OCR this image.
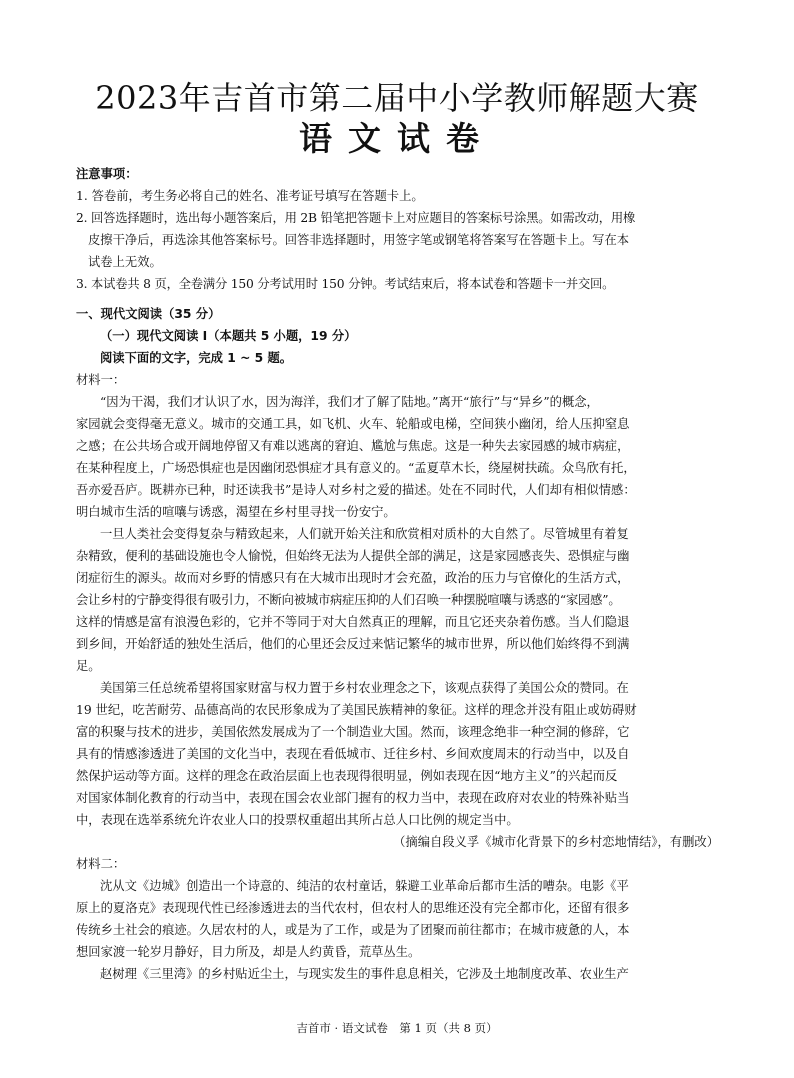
2023年吉首市第二届中小学教师解题大赛
语文试卷
注意事项：
1. 答卷前，考生务必将自己的姓名、准考证号填写在答题卡上。
2. 回答选择题时，选出每小题答案后，用 2B 铅笔把答题卡上对应题目的答案标号涂黑。如需改动，用橡
皮擦干净后，再选涂其他答案标号。回答非选择题时，用签字笔或钢笔将答案写在答题卡上。写在本
试卷上无效。
3. 本试卷共 8 页，全卷满分 150 分考试用时 150 分钟。考试结束后，将本试卷和答题卡一并交回。
一、现代文阅读（35 分）
（一）现代文阅读 I（本题共 5 小题，19 分）
阅读下面的文字，完成 1 ~ 5 题。
材料一：
“因为干渴，我们才认识了水，因为海洋，我们才了解了陆地。”离开“旅行”与“异乡”的概念，
家园就会变得毫无意义。城市的交通工具，如飞机、火车、轮船或电梯，空间狭小幽闭，给人压抑窒息
之感；在公共场合或开阔地停留又有难以逃离的窘迫、尴尬与焦虑。这是一种失去家园感的城市病症，
在某种程度上，广场恐惧症也是因幽闭恐惧症才具有意义的。“孟夏草木长，绕屋树扶疏。众鸟欣有托，
吾亦爱吾庐。既耕亦已种，时还读我书”是诗人对乡村之爱的描述。处在不同时代，人们却有相似情感：
明白城市生活的喧嚷与诱惑，渴望在乡村里寻找一份安宁。
一旦人类社会变得复杂与精致起来，人们就开始关注和欣赏相对质朴的大自然了。尽管城里有着复
杂精致，便利的基础设施也令人愉悦，但始终无法为人提供全部的满足，这是家园感丧失、恐惧症与幽
闭症衍生的源头。故而对乡野的情感只有在大城市出现时才会充盈，政治的压力与官僚化的生活方式，
会让乡村的宁静变得很有吸引力，不断向被城市病症压抑的人们召唤一种摆脱喧嚷与诱惑的“家园感”。
这样的情感是富有浪漫色彩的，它并不等同于对大自然真正的理解，而且它还夹杂着伤感。当人们隐退
到乡间，开始舒适的独处生活后，他们的心里还会反过来惦记繁华的城市世界，所以他们始终得不到满
足。
美国第三任总统希望将国家财富与权力置于乡村农业理念之下，该观点获得了美国公众的赞同。在
19 世纪，吃苦耐劳、品德高尚的农民形象成为了美国民族精神的象征。这样的理念并没有阻止或妨碍财
富的积聚与技术的进步，美国依然发展成为了一个制造业大国。然而，该理念绝非一种空洞的修辞，它
具有的情感渗透进了美国的文化当中，表现在看低城市、迁往乡村、乡间欢度周末的行动当中，以及自
然保护运动等方面。这样的理念在政治层面上也表现得很明显，例如表现在因“地方主义”的兴起而反
对国家体制化教育的行动当中，表现在国会农业部门握有的权力当中，表现在政府对农业的特殊补贴当
中，表现在选举系统允许农业人口的投票权重超出其所占总人口比例的规定当中。
（摘编自段义孚《城市化背景下的乡村恋地情结》，有删改）
材料二：
沈从文《边城》创造出一个诗意的、纯洁的农村童话，躲避工业革命后都市生活的嘈杂。电影《平
原上的夏洛克》表现现代性已经渗透进去的当代农村，但农村人的思维还没有完全都市化，还留有很多
传统乡土社会的痕迹。久居农村的人，或是为了工作，或是为了团聚而前往都市；在城市疲惫的人，本
想回家渡一轮岁月静好，目力所及，却是人约黄昏，荒草丛生。
赵树理《三里湾》的乡村贴近尘土，与现实发生的事件息息相关，它涉及土地制度改革、农业生产
吉首市 · 语文试卷　第 1 页（共 8 页）
